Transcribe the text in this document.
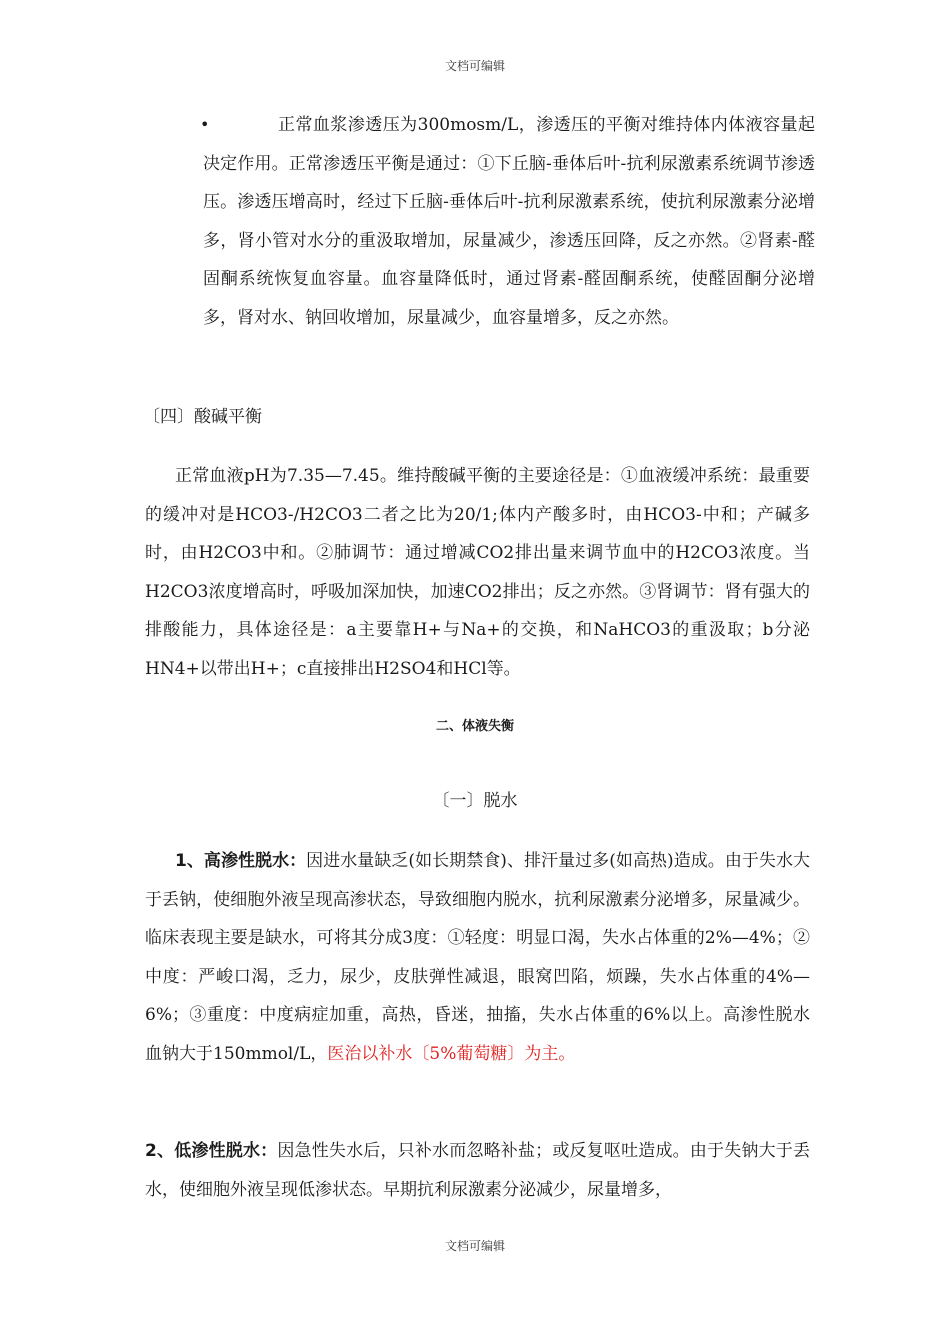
文档可编辑
•	正常血浆渗透压为300mosm/L，渗透压的平衡对维持体内体液容量起决定作用。正常渗透压平衡是通过：①下丘脑-垂体后叶-抗利尿激素系统调节渗透压。渗透压增高时，经过下丘脑-垂体后叶-抗利尿激素系统，使抗利尿激素分泌增多，肾小管对水分的重汲取增加，尿量减少，渗透压回降，反之亦然。②肾素-醛固酮系统恢复血容量。血容量降低时，通过肾素-醛固酮系统，使醛固酮分泌增多，肾对水、钠回收增加，尿量减少，血容量增多，反之亦然。

〔四〕酸碱平衡

正常血液pH为7.35—7.45。维持酸碱平衡的主要途径是：①血液缓冲系统：最重要的缓冲对是HCO3-/H2CO3二者之比为20/1;体内产酸多时，由HCO3-中和；产碱多时，由H2CO3中和。②肺调节：通过增减CO2排出量来调节血中的H2CO3浓度。当H2CO3浓度增高时，呼吸加深加快，加速CO2排出；反之亦然。③肾调节：肾有强大的排酸能力，具体途径是：a主要靠H+与Na+的交换，和NaHCO3的重汲取；b分泌HN4+以带出H+；c直接排出H2SO4和HCl等。

二、体液失衡

〔一〕脱水

1、高渗性脱水：因进水量缺乏(如长期禁食)、排汗量过多(如高热)造成。由于失水大于丢钠，使细胞外液呈现高渗状态，导致细胞内脱水，抗利尿激素分泌增多，尿量减少。临床表现主要是缺水，可将其分成3度：①轻度：明显口渴，失水占体重的2%—4%；②中度：严峻口渴，乏力，尿少，皮肤弹性减退，眼窝凹陷，烦躁，失水占体重的4%—6%；③重度：中度病症加重，高热，昏迷，抽搐，失水占体重的6%以上。高渗性脱水血钠大于150mmol/L，医治以补水〔5%葡萄糖〕为主。

2、低渗性脱水：因急性失水后，只补水而忽略补盐；或反复呕吐造成。由于失钠大于丢水，使细胞外液呈现低渗状态。早期抗利尿激素分泌减少，尿量增多，

文档可编辑
